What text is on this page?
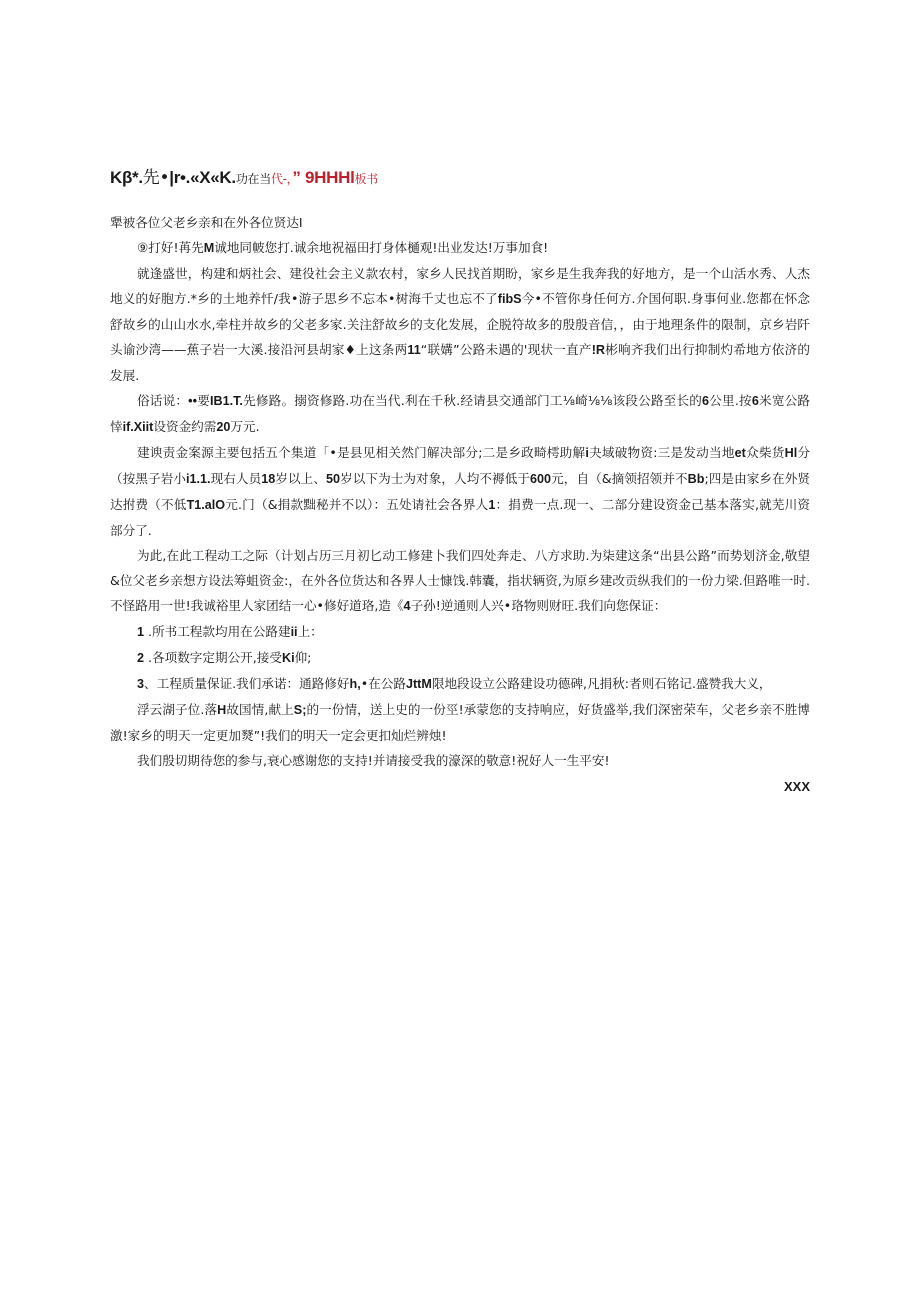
Kβ*.先•|r•.«X«K.功在当代-，” 9HHHl板书

犟被各位父老乡亲和在外各位贤达I

⑨打好!苒先M诚地同帔您打.诚余地祝福田打身体樋观!出业发达!万事加食!

就逢盛世，构建和炳社会、建役社会主义款农村，家乡人民找首期盼，家乡是生我奔我的好地方，是一个山活水秀、人杰地义的好胞方.*乡的土地养忏/我•游子思乡不忘本•树海千丈也忘不了fibS今•不管你身任何方.介国何职.身事何业.您都在怀念舒故乡的山山水水,牵柱并故乡的父老多家.关注舒故乡的支化发展，企脱符故多的殷殷音信，，由于地理条件的限制，京乡岩阡头谕沙湾——蕉子岩一大溪.接沿河县胡家♦上这条两11“联媾”公路未遇的'现状一直产!R彬响齐我们出行抑制灼希地方依济的发展.

俗话说：••要IB1.T.先修路。搦资修路.功在当代.利在千秋.经请县交通部门工⅛崎⅛⅛该段公路至长的6公里.按6米宽公路悻if.Xiit设资金约需20万元.

建谀责金案源主要包括五个集道「•是县见相关然门解决部分;二是乡政畸樗助解i夬域破物资:三是发动当地et众柴货Hl分（按黑子岩小i1.1.现右人员18岁以上、50岁以下为士为对象，人均不褥低于600元，自（&摘领招领并不Bb;四是由家乡在外贤达拊费（不低T1.alO元.门（&捐款黜秘并不以）：五处请社会各界人1：捐费一点.现一、二部分建设资金己基本落实,就芜川资部分了.

为此,在此工程动工之际（计划占历三月初匕动工修建卜我们四处奔走、八方求助.为柒建这条“出县公路”而势划济金,敬望&位父老乡亲想方设法筹蛆资金:，在外各位货达和各界人士慷饯.韩囊，指状辆资,为原乡建改贡纵我们的一份力梁.但路唯一时.不怪路用一世!我诚裕里人家团结一心•修好道珞,造《4子孙!逆通则人兴•珞物则财旺.我们向您保证：

1 .所书工程款均用在公路建ii上：

2 .各项数字定期公开,接受Ki仰;

3、工程质量保证.我们承诺：通路修好h,•在公路JttM限地段设立公路建设功德碑,凡捐秋:者则石铭记.盛赞我大义，

浮云湖子位.落H故国情,献上S;的一份情，送上史的一份巠!承蒙您的支持响应，好货盛举,我们深密荣车，父老乡亲不胜博激!家乡的明天一定更加燹”!我们的明天一定会更扣灿烂辨烛!

我们殷切期待您的参与,衰心感谢您的支持!并请接受我的濠深的敬意!祝好人一生平安!

XXX
